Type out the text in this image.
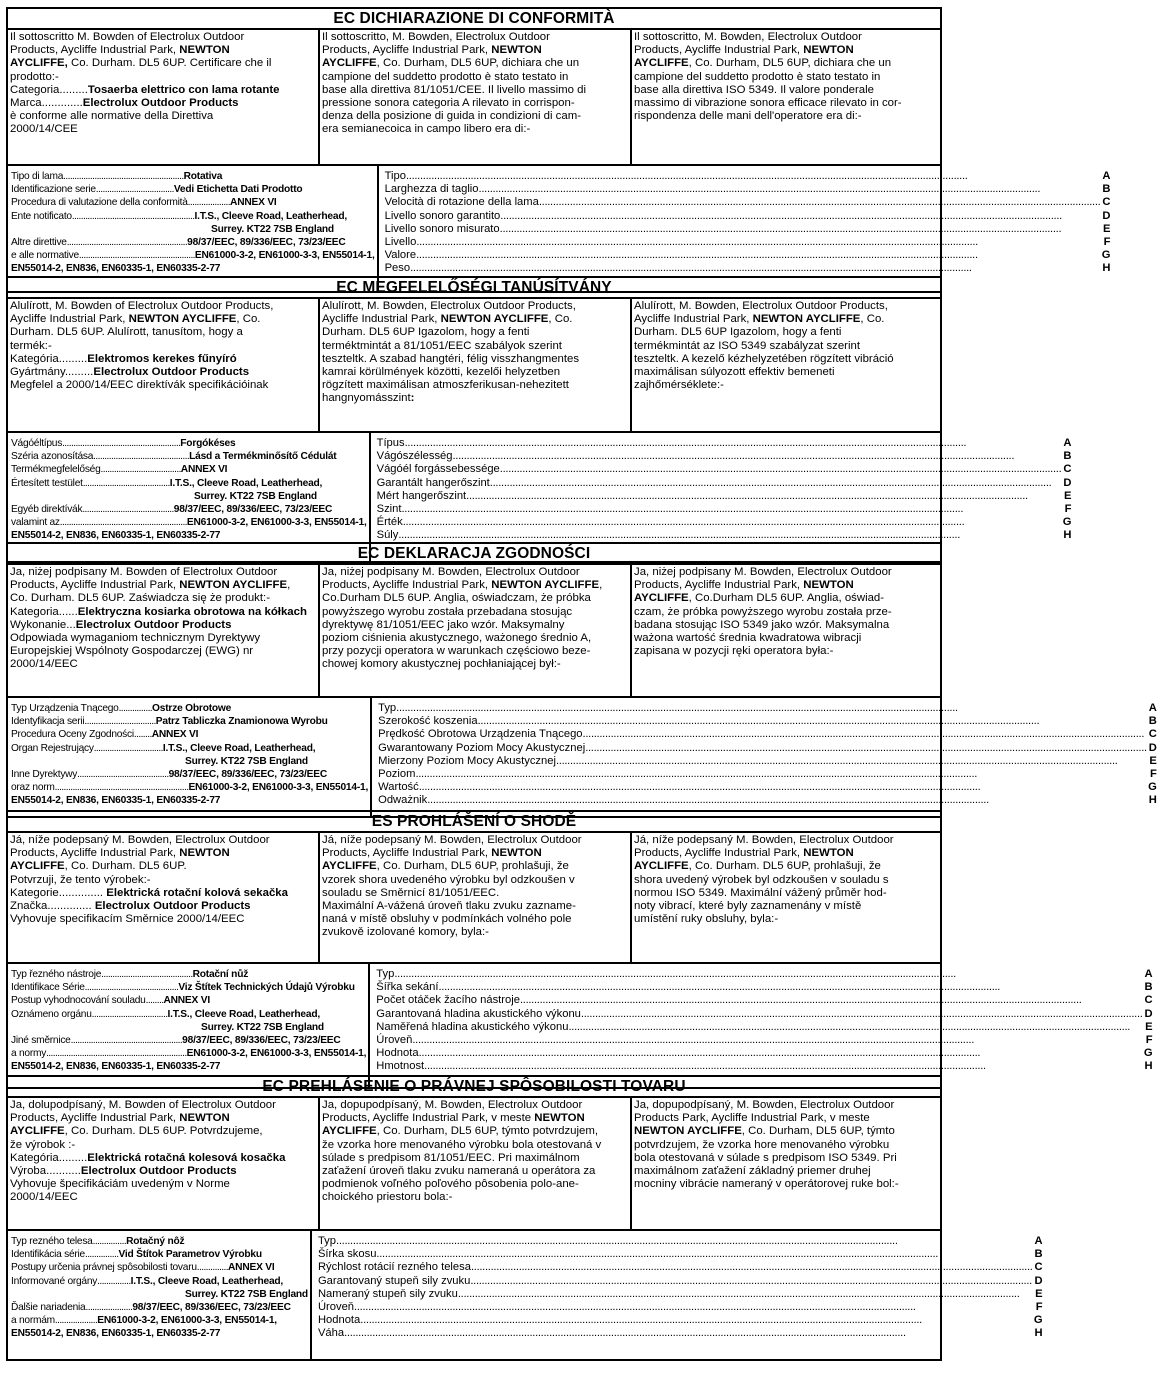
EC DICHIARAZIONE DI CONFORMITÀ
Il sottoscritto M. Bowden of Electrolux Outdoor
Products, Aycliffe Industrial Park, NEWTON
AYCLIFFE, Co. Durham. DL5 6UP. Certificare che il
prodotto:-
Categoria.........Tosaerba elettrico con lama rotante
Marca.............Electrolux Outdoor Products
è conforme alle normative della Direttiva
2000/14/CEE
Il sottoscritto, M. Bowden, Electrolux Outdoor
Products, Aycliffe Industrial Park, NEWTON
AYCLIFFE, Co. Durham, DL5 6UP, dichiara che un
campione del suddetto prodotto è stato testato in
base alla direttiva 81/1051/CEE. Il livello massimo di
pressione sonora categoria A rilevato in corrispon-
denza della posizione di guida in condizioni di cam-
era semianecoica in campo libero era di:-
Il sottoscritto, M. Bowden, Electrolux Outdoor
Products, Aycliffe Industrial Park, NEWTON
AYCLIFFE, Co. Durham, DL5 6UP, dichiara che un
campione del suddetto prodotto è stato testato in
base alla direttiva ISO 5349. Il valore ponderale
massimo di vibrazione sonora efficace rilevato in cor-
rispondenza delle mani dell'operatore era di:-
Tipo di lama......................................................Rotativa
Identificazione serie...................................Vedi Etichetta Dati Prodotto
Procedura di valutazione della conformità...................ANNEX VI
Ente notificato.......................................................I.T.S., Cleeve Road, Leatherhead,
Surrey. KT22 7SB England
Altre direttive......................................................98/37/EEC, 89/336/EEC, 73/23/EEC
e alle normative....................................................EN61000-3-2, EN61000-3-3, EN55014-1,
EN55014-2, EN836, EN60335-1, EN60335-2-77
Tipo ........................................................................................................................................................................................................	A
Larghezza di taglio ........................................................................................................................................................................................................	B
Velocità di rotazione della lama ........................................................................................................................................................................................................ C
Livello sonoro garantito ........................................................................................................................................................................................................	D
Livello sonoro misurato ........................................................................................................................................................................................................	E
Livello ........................................................................................................................................................................................................	F
Valore ........................................................................................................................................................................................................	G
Peso ........................................................................................................................................................................................................	H
EC MEGFELELŐSÉGI TANÚSÍTVÁNY
Alulírott, M. Bowden of Electrolux Outdoor Products,
Aycliffe Industrial Park, NEWTON AYCLIFFE, Co.
Durham. DL5 6UP. Alulírott, tanusítom, hogy a
termék:-
Kategória.........Elektromos kerekes fűnyíró
Gyártmány.........Electrolux Outdoor Products
Megfelel a 2000/14/EEC direktívák specifikációinak
Alulírott, M. Bowden, Electrolux Outdoor Products,
Aycliffe Industrial Park, NEWTON AYCLIFFE, Co.
Durham. DL5 6UP Igazolom, hogy a fenti
terméktmintát a 81/1051/EEC szabályok szerint
teszteltk. A szabad hangtéri, félig visszhangmentes
kamrai körülmények közötti, kezelői helyzetben
rögzített maximálisan atmoszferikusan-nehezitett
hangnyomásszint:
Alulírott, M. Bowden, Electrolux Outdoor Products,
Aycliffe Industrial Park, NEWTON AYCLIFFE, Co.
Durham. DL5 6UP Igazolom, hogy a fenti
termékmintát az ISO 5349 szabályzat szerint
teszteltk. A kezelő kézhelyzetében rögzített vibráció
maximálisan súlyozott effektiv bemeneti
zajhőmérséklete:-
Vágóéltípus.....................................................Forgókéses
Széria azonosítása...........................................Lásd a Termékminősítő Cédulát
Termékmegfelelőség....................................ANNEX VI
Értesített testület.......................................I.T.S., Cleeve Road, Leatherhead,
Surrey. KT22 7SB England
Egyéb direktívák.........................................98/37/EEC, 89/336/EEC, 73/23/EEC
valamint az.........................................................EN61000-3-2, EN61000-3-3, EN55014-1,
EN55014-2, EN836, EN60335-1, EN60335-2-77
Típus ........................................................................................................................................................................................................	A
Vágószélesség ........................................................................................................................................................................................................	B
Vágóél forgássebessége ........................................................................................................................................................................................................ C
Garantált hangerőszint ........................................................................................................................................................................................................	D
Mért hangerőszint ........................................................................................................................................................................................................	E
Szint ........................................................................................................................................................................................................	F
Érték ........................................................................................................................................................................................................	G
Súly ........................................................................................................................................................................................................	H
EC DEKLARACJA ZGODNOŚCI
Ja, niżej podpisany M. Bowden of Electrolux Outdoor
Products, Aycliffe Industrial Park, NEWTON AYCLIFFE,
Co. Durham. DL5 6UP. Zaświadcza się że produkt:-
Kategoria......Elektryczna kosiarka obrotowa na kółkach
Wykonanie...Electrolux Outdoor Products
Odpowiada wymaganiom technicznym Dyrektywy
Europejskiej Wspólnoty Gospodarczej (EWG) nr
2000/14/EEC
Ja, niżej podpisany M. Bowden, Electrolux Outdoor
Products, Aycliffe Industrial Park, NEWTON AYCLIFFE,
Co.Durham DL5 6UP. Anglia, oświadczam, że próbka
powyższego wyrobu została przebadana stosując
dyrektywę 81/1051/EEC jako wzór. Maksymalny
poziom ciśnienia akustycznego, ważonego średnio A,
przy pozycji operatora w warunkach częściowo beze-
chowej komory akustycznej pochłaniającej był:-
Ja, niżej podpisany M. Bowden, Electrolux Outdoor
Products, Aycliffe Industrial Park, NEWTON
AYCLIFFE, Co.Durham DL5 6UP. Anglia, oświad-
czam, że próbka powyższego wyrobu została prze-
badana stosując ISO 5349 jako wzór. Maksymalna
ważona wartość średnia kwadratowa wibracji
zapisana w pozycji ręki operatora była:-
Typ Urządzenia Tnącego...............Ostrze Obrotowe
Identyfikacja serii................................Patrz Tabliczka Znamionowa Wyrobu
Procedura Oceny Zgodności........ANNEX VI
Organ Rejestrujący...............................I.T.S., Cleeve Road, Leatherhead,
Surrey. KT22 7SB England
Inne Dyrektywy.........................................98/37/EEC, 89/336/EEC, 73/23/EEC
oraz norm............................................................EN61000-3-2, EN61000-3-3, EN55014-1,
EN55014-2, EN836, EN60335-1, EN60335-2-77
Typ ........................................................................................................................................................................................................	A
Szerokość koszenia ........................................................................................................................................................................................................	B
Prędkość Obrotowa Urządzenia Tnącego ........................................................................................................................................................................................................ C
Gwarantowany Poziom Mocy Akustycznej ........................................................................................................................................................................................................ D
Mierzony Poziom Mocy Akustycznej ........................................................................................................................................................................................................	E
Poziom ........................................................................................................................................................................................................	F
Wartość ........................................................................................................................................................................................................	G
Odważnik ........................................................................................................................................................................................................	H
ES PROHLÁŠENÍ O SHODĚ
Já, níže podepsaný M. Bowden, Electrolux Outdoor
Products, Aycliffe Industrial Park, NEWTON
AYCLIFFE, Co. Durham. DL5 6UP.
Potvrzuji, že tento výrobek:-
Kategorie.............. Elektrická rotační kolová sekačka
Značka.............. Electrolux Outdoor Products
Vyhovuje specifikacím Směrnice 2000/14/EEC
Já, níže podepsaný M. Bowden, Electrolux Outdoor
Products, Aycliffe Industrial Park, NEWTON
AYCLIFFE, Co. Durham, DL5 6UP, prohlašuji, že
vzorek shora uvedeného výrobku byl odzkoušen v
souladu se Směrnicí 81/1051/EEC.
Maximální A-vážená úroveň tlaku zvuku zazname-
naná v místě obsluhy v podmínkách volného pole
zvukově izolované komory, byla:-
Já, níže podepsaný M. Bowden, Electrolux Outdoor
Products, Aycliffe Industrial Park, NEWTON
AYCLIFFE, Co. Durham. DL5 6UP, prohlašuji, že
shora uvedený výrobek byl odzkoušen v souladu s
normou ISO 5349. Maximální vážený průměr hod-
noty vibrací, které byly zaznamenány v místě
umístění ruky obsluhy, byla:-
Typ řezného nástroje.........................................Rotační nůž
Identifikace Série..........................................Viz Štítek Technických Údajů Výrobku
Postup vyhodnocování souladu........ANNEX VI
Oznámeno orgánu..................................I.T.S., Cleeve Road, Leatherhead,
Surrey. KT22 7SB England
Jiné směrnice..................................................98/37/EEC, 89/336/EEC, 73/23/EEC
a normy...............................................................EN61000-3-2, EN61000-3-3, EN55014-1,
EN55014-2, EN836, EN60335-1, EN60335-2-77
Typ ........................................................................................................................................................................................................	A
Šířka sekání ........................................................................................................................................................................................................	B
Počet otáček žacího nástroje ........................................................................................................................................................................................................	C
Garantovaná hladina akustického výkonu ........................................................................................................................................................................................................ D
Naměřená hladina akustického výkonu ........................................................................................................................................................................................................	E
Úroveň ........................................................................................................................................................................................................	F
Hodnota ........................................................................................................................................................................................................	G
Hmotnost ........................................................................................................................................................................................................	H
EC PREHLÁSENIE O PRÁVNEJ SPÔSOBILOSTI TOVARU
Ja, dolupodpísaný, M. Bowden of Electrolux Outdoor
Products, Aycliffe Industrial Park, NEWTON
AYCLIFFE, Co. Durham. DL5 6UP. Potvrdzujeme,
že výrobok :-
Kategória.........Elektrická rotačná kolesová kosačka
Výroba...........Electrolux Outdoor Products
Vyhovuje špecifikáciám uvedeným v Norme
2000/14/EEC
Ja, dopupodpísaný, M. Bowden, Electrolux Outdoor
Products, Aycliffe Industrial Park, v meste NEWTON
AYCLIFFE, Co. Durham, DL5 6UP, týmto potvrdzujem,
že vzorka hore menovaného výrobku bola otestovaná v
súlade s predpisom 81/1051/EEC. Pri maximálnom
zaťažení úroveň tlaku zvuku nameraná u operátora za
podmienok voľného poľového pôsobenia polo-ane-
choického priestoru bola:-
Ja, dopupodpísaný, M. Bowden, Electrolux Outdoor
Products Park, Aycliffe Industrial Park, v meste
NEWTON AYCLIFFE, Co. Durham, DL5 6UP, týmto
potvrdzujem, že vzorka hore menovaného výrobku
bola otestovaná v súlade s predpisom ISO 5349. Pri
maximálnom zaťažení základný priemer druhej
mocniny vibrácie nameraný v operátorovej ruke bol:-
Typ rezného telesa...............Rotačný nôž
Identifikácia série...............Vid Štítok Parametrov Výrobku
Postupy určenia právnej spôsobilosti tovaru..............ANNEX VI
Informované orgány...............I.T.S., Cleeve Road, Leatherhead,
Surrey. KT22 7SB England
Ďalšie nariadenia.....................98/37/EEC, 89/336/EEC, 73/23/EEC
a normám...................EN61000-3-2, EN61000-3-3, EN55014-1,
EN55014-2, EN836, EN60335-1, EN60335-2-77
Typ ........................................................................................................................................................................................................	A
Šírka skosu ........................................................................................................................................................................................................	B
Rýchlost rotácií rezného telesa ........................................................................................................................................................................................................ C
Garantovaný stupeň sily zvuku ........................................................................................................................................................................................................ D
Nameraný stupeň sily zvuku ........................................................................................................................................................................................................	E
Úroveň ........................................................................................................................................................................................................	F
Hodnota ........................................................................................................................................................................................................	G
Váha ........................................................................................................................................................................................................	H
